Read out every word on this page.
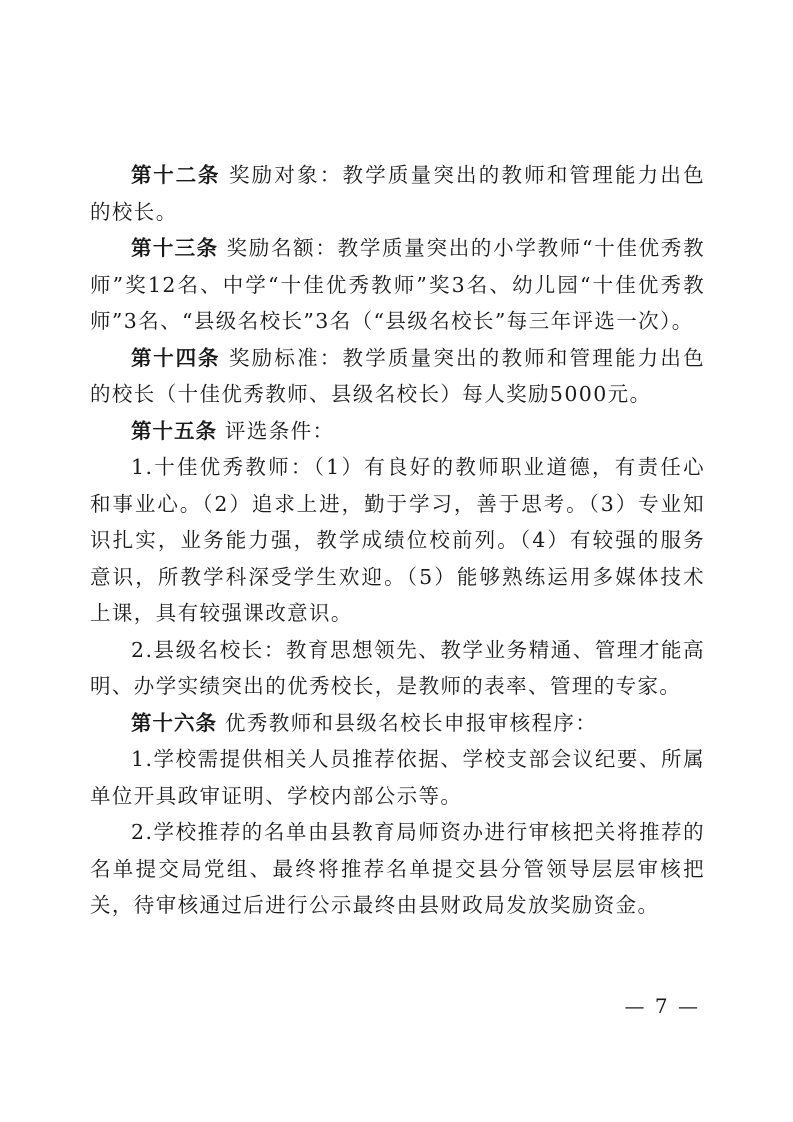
第十二条 奖励对象：教学质量突出的教师和管理能力出色的校长。

第十三条 奖励名额：教学质量突出的小学教师“十佳优秀教师”奖12名、中学“十佳优秀教师”奖3名、幼儿园“十佳优秀教师”3名、“县级名校长”3名（“县级名校长”每三年评选一次）。

第十四条 奖励标准：教学质量突出的教师和管理能力出色的校长（十佳优秀教师、县级名校长）每人奖励5000元。

第十五条 评选条件：

1.十佳优秀教师：（1）有良好的教师职业道德，有责任心和事业心。（2）追求上进，勤于学习，善于思考。（3）专业知识扎实，业务能力强，教学成绩位校前列。（4）有较强的服务意识，所教学科深受学生欢迎。（5）能够熟练运用多媒体技术上课，具有较强课改意识。

2.县级名校长：教育思想领先、教学业务精通、管理才能高明、办学实绩突出的优秀校长，是教师的表率、管理的专家。

第十六条 优秀教师和县级名校长申报审核程序：

1.学校需提供相关人员推荐依据、学校支部会议纪要、所属单位开具政审证明、学校内部公示等。

2.学校推荐的名单由县教育局师资办进行审核把关将推荐的名单提交局党组、最终将推荐名单提交县分管领导层层审核把关，待审核通过后进行公示最终由县财政局发放奖励资金。

— 7 —
